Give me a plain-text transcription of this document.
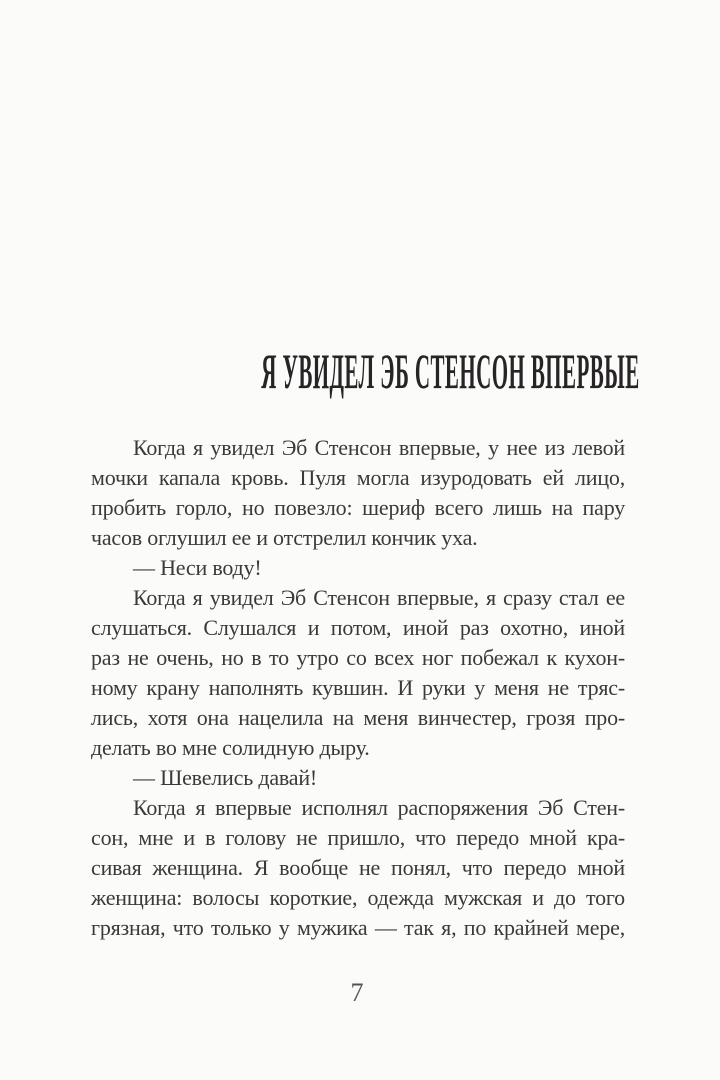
Я УВИДЕЛ ЭБ СТЕНСОН ВПЕРВЫЕ
Когда я увидел Эб Стенсон впервые, у нее из левой
мочки капала кровь. Пуля могла изуродовать ей лицо,
пробить горло, но повезло: шериф всего лишь на пару
часов оглушил ее и отстрелил кончик уха.
— Неси воду!
Когда я увидел Эб Стенсон впервые, я сразу стал ее
слушаться. Слушался и потом, иной раз охотно, иной
раз не очень, но в то утро со всех ног побежал к кухон-
ному крану наполнять кувшин. И руки у меня не тряс-
лись, хотя она нацелила на меня винчестер, грозя про-
делать во мне солидную дыру.
— Шевелись давай!
Когда я впервые исполнял распоряжения Эб Стен-
сон, мне и в голову не пришло, что передо мной кра-
сивая женщина. Я вообще не понял, что передо мной
женщина: волосы короткие, одежда мужская и до того
грязная, что только у мужика — так я, по крайней мере,
7
